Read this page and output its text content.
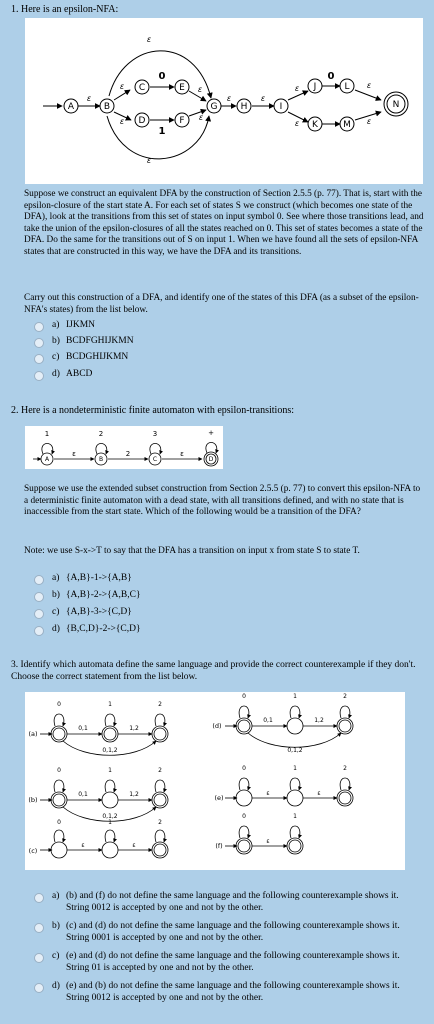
1. Here is an epsilon-NFA:
A	B
C
D
E
F
G	H	I
J
K
L
M
N
ε
ε
ε
ε
ε
ε
ε
ε	ε
ε
ε
ε
ε
0
1
0
Suppose we construct an equivalent DFA by the construction of Section 2.5.5 (p. 77). That is, start with the epsilon-closure of the start state A. For each set of states S we construct (which becomes one state of the DFA), look at the transitions from this set of states on input symbol 0. See where those transitions lead, and take the union of the epsilon-closures of all the states reached on 0. This set of states becomes a state of the DFA. Do the same for the transitions out of S on input 1. When we have found all the sets of epsilon-NFA states that are constructed in this way, we have the DFA and its transitions.
Carry out this construction of a DFA, and identify one of the states of this DFA (as a subset of the epsilon-NFA's states) from the list below.
a) IJKMN
b) BCDFGHIJKMN
c) BCDGHIJKMN
d) ABCD
2. Here is a nondeterministic finite automaton with epsilon-transitions:
A	B	C	D
1	2	3	+
ε	2	ε
Suppose we use the extended subset construction from Section 2.5.5 (p. 77) to convert this epsilon-NFA to a deterministic finite automaton with a dead state, with all transitions defined, and with no state that is inaccessible from the start state. Which of the following would be a transition of the DFA?
Note: we use S-x->T to say that the DFA has a transition on input x from state S to state T.
a) {A,B}-1->{A,B}
b) {A,B}-2->{A,B,C}
c) {A,B}-3->{C,D}
d) {B,C,D}-2->{C,D}
3. Identify which automata define the same language and provide the correct counterexample if they don't. Choose the correct statement from the list below.
(a)
(b)
(c)
(d)
(e)
(f)
0	1	2
0,1	1,2
0,1,2
0	1	2
0,1	1,2
0,1,2
0	1	2
ε	ε
0	1	2
0,1	1,2
0,1,2
0	1	2
ε	ε
0	1
ε
a) (b) and (f) do not define the same language and the following counterexample shows it. String 0012 is accepted by one and not by the other.
b) (c) and (d) do not define the same language and the following counterexample shows it. String 0001 is accepted by one and not by the other.
c) (e) and (d) do not define the same language and the following counterexample shows it. String 01 is accepted by one and not by the other.
d) (e) and (b) do not define the same language and the following counterexample shows it. String 0012 is accepted by one and not by the other.
